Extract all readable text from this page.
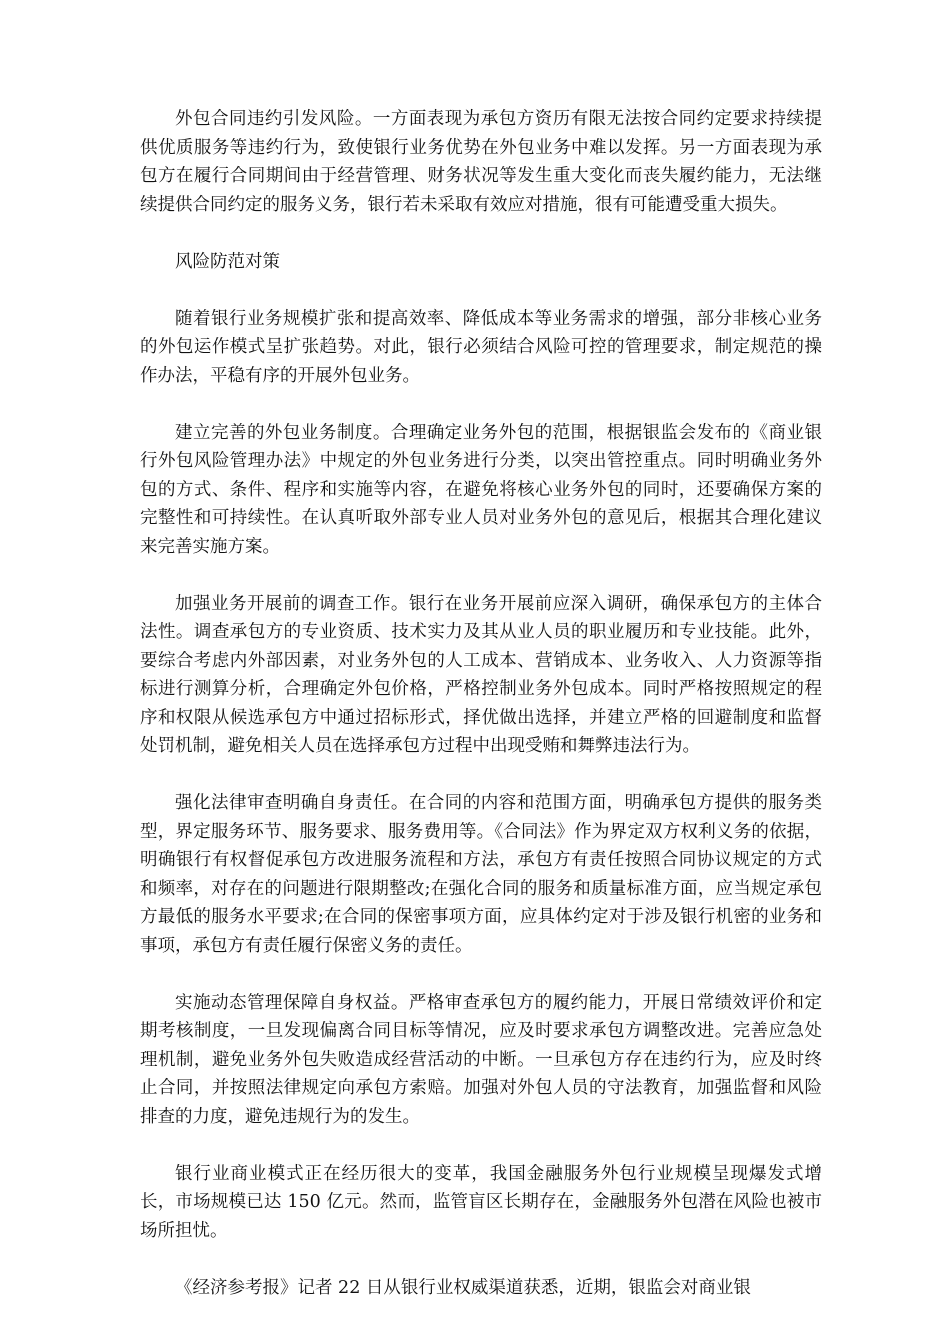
外包合同违约引发风险。一方面表现为承包方资历有限无法按合同约定要求持续提供优质服务等违约行为，致使银行业务优势在外包业务中难以发挥。另一方面表现为承包方在履行合同期间由于经营管理、财务状况等发生重大变化而丧失履约能力，无法继续提供合同约定的服务义务，银行若未采取有效应对措施，很有可能遭受重大损失。

风险防范对策

随着银行业务规模扩张和提高效率、降低成本等业务需求的增强，部分非核心业务的外包运作模式呈扩张趋势。对此，银行必须结合风险可控的管理要求，制定规范的操作办法，平稳有序的开展外包业务。

建立完善的外包业务制度。合理确定业务外包的范围，根据银监会发布的《商业银行外包风险管理办法》中规定的外包业务进行分类，以突出管控重点。同时明确业务外包的方式、条件、程序和实施等内容，在避免将核心业务外包的同时，还要确保方案的完整性和可持续性。在认真听取外部专业人员对业务外包的意见后，根据其合理化建议来完善实施方案。

加强业务开展前的调查工作。银行在业务开展前应深入调研，确保承包方的主体合法性。调查承包方的专业资质、技术实力及其从业人员的职业履历和专业技能。此外，要综合考虑内外部因素，对业务外包的人工成本、营销成本、业务收入、人力资源等指标进行测算分析，合理确定外包价格，严格控制业务外包成本。同时严格按照规定的程序和权限从候选承包方中通过招标形式，择优做出选择，并建立严格的回避制度和监督处罚机制，避免相关人员在选择承包方过程中出现受贿和舞弊违法行为。

强化法律审查明确自身责任。在合同的内容和范围方面，明确承包方提供的服务类型，界定服务环节、服务要求、服务费用等。《合同法》作为界定双方权利义务的依据，明确银行有权督促承包方改进服务流程和方法，承包方有责任按照合同协议规定的方式和频率，对存在的问题进行限期整改;在强化合同的服务和质量标准方面，应当规定承包方最低的服务水平要求;在合同的保密事项方面，应具体约定对于涉及银行机密的业务和事项，承包方有责任履行保密义务的责任。

实施动态管理保障自身权益。严格审查承包方的履约能力，开展日常绩效评价和定期考核制度，一旦发现偏离合同目标等情况，应及时要求承包方调整改进。完善应急处理机制，避免业务外包失败造成经营活动的中断。一旦承包方存在违约行为，应及时终止合同，并按照法律规定向承包方索赔。加强对外包人员的守法教育，加强监督和风险排查的力度，避免违规行为的发生。

银行业商业模式正在经历很大的变革，我国金融服务外包行业规模呈现爆发式增长，市场规模已达 150 亿元。然而，监管盲区长期存在，金融服务外包潜在风险也被市场所担忧。

《经济参考报》记者 22 日从银行业权威渠道获悉，近期，银监会对商业银
